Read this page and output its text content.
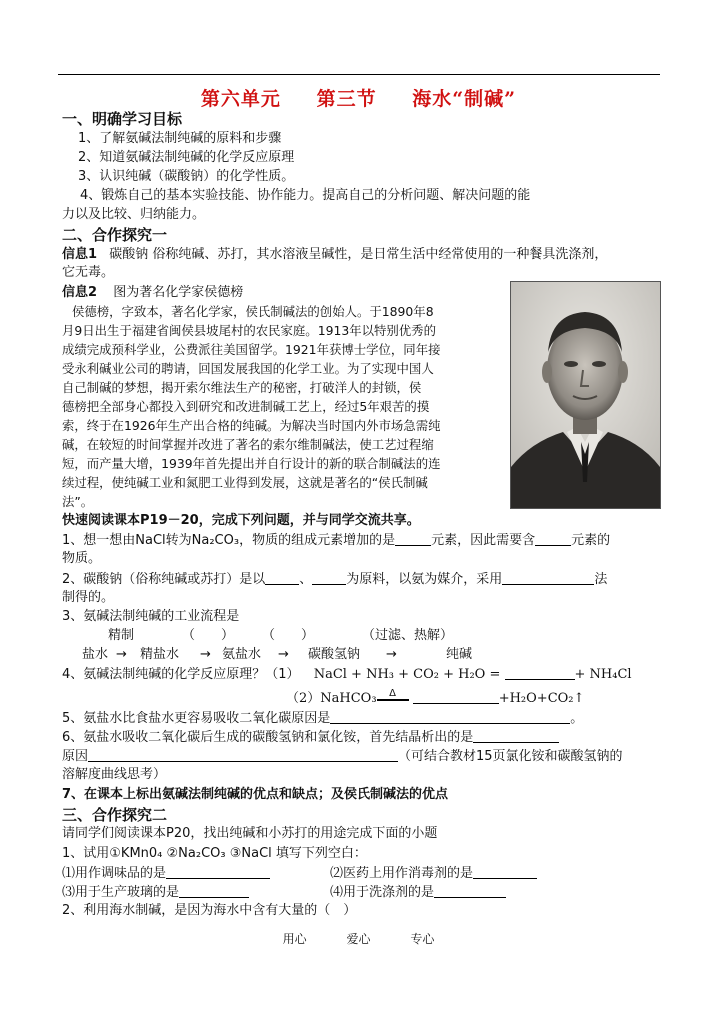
第六单元 第三节 海水“制碱”
一、明确学习目标
1、了解氨碱法制纯碱的原料和步骤
2、知道氨碱法制纯碱的化学反应原理
3、认识纯碱（碳酸钠）的化学性质。
4、锻炼自己的基本实验技能、协作能力。提高自己的分析问题、解决问题的能
力以及比较、归纳能力。
二、合作探究一
信息1 碳酸钠 俗称纯碱、苏打，其水溶液呈碱性，是日常生活中经常使用的一种餐具洗涤剂，
它无毒。
信息2 图为著名化学家侯德榜
侯德榜，字致本，著名化学家，侯氏制碱法的创始人。于1890年8
月9日出生于福建省闽侯县坡尾村的农民家庭。1913年以特别优秀的
成绩完成预科学业，公费派往美国留学。1921年获博士学位，同年接
受永利碱业公司的聘请，回国发展我国的化学工业。为了实现中国人
自己制碱的梦想，揭开索尔维法生产的秘密，打破洋人的封锁，侯
德榜把全部身心都投入到研究和改进制碱工艺上，经过5年艰苦的摸
索，终于在1926年生产出合格的纯碱。为解决当时国内外市场急需纯
碱，在较短的时间掌握并改进了著名的索尔维制碱法，使工艺过程缩
短，而产量大增，1939年首先提出并自行设计的新的联合制碱法的连
续过程，使纯碱工业和氮肥工业得到发展，这就是著名的“侯氏制碱
法”。
快速阅读课本P19－20，完成下列问题，并与同学交流共享。
1、想一想由NaCl转为Na₂CO₃，物质的组成元素增加的是	元素，因此需要含	元素的
物质。
2、碳酸钠（俗称纯碱或苏打）是以	、	为原料，以氨为媒介，采用	法
制得的。
3、氨碱法制纯碱的工业流程是
精制	（　　） （　　）	（过滤、热解）
盐水 → 精盐水 → 氨盐水 → 碳酸氢钠 →	纯碱
4、氨碱法制纯碱的化学反应原理？（1） NaCl + NH₃ + CO₂ + H₂O =	+ NH₄Cl
（2）NaHCO₃ Δ	+H₂O+CO₂↑
5、氨盐水比食盐水更容易吸收二氧化碳原因是	。
6、氨盐水吸收二氧化碳后生成的碳酸氢钠和氯化铵，首先结晶析出的是
原因	（可结合教材15页氯化铵和碳酸氢钠的
溶解度曲线思考）
7、在课本上标出氨碱法制纯碱的优点和缺点；及侯氏制碱法的优点
三、合作探究二
请同学们阅读课本P20，找出纯碱和小苏打的用途完成下面的小题
1、试用①KMn0₄ ②Na₂CO₃ ③NaCl 填写下列空白：
⑴用作调味品的是	⑵医药上用作消毒剂的是
⑶用于生产玻璃的是	⑷用于洗涤剂的是
2、利用海水制碱，是因为海水中含有大量的（　）
用心	爱心	专心
